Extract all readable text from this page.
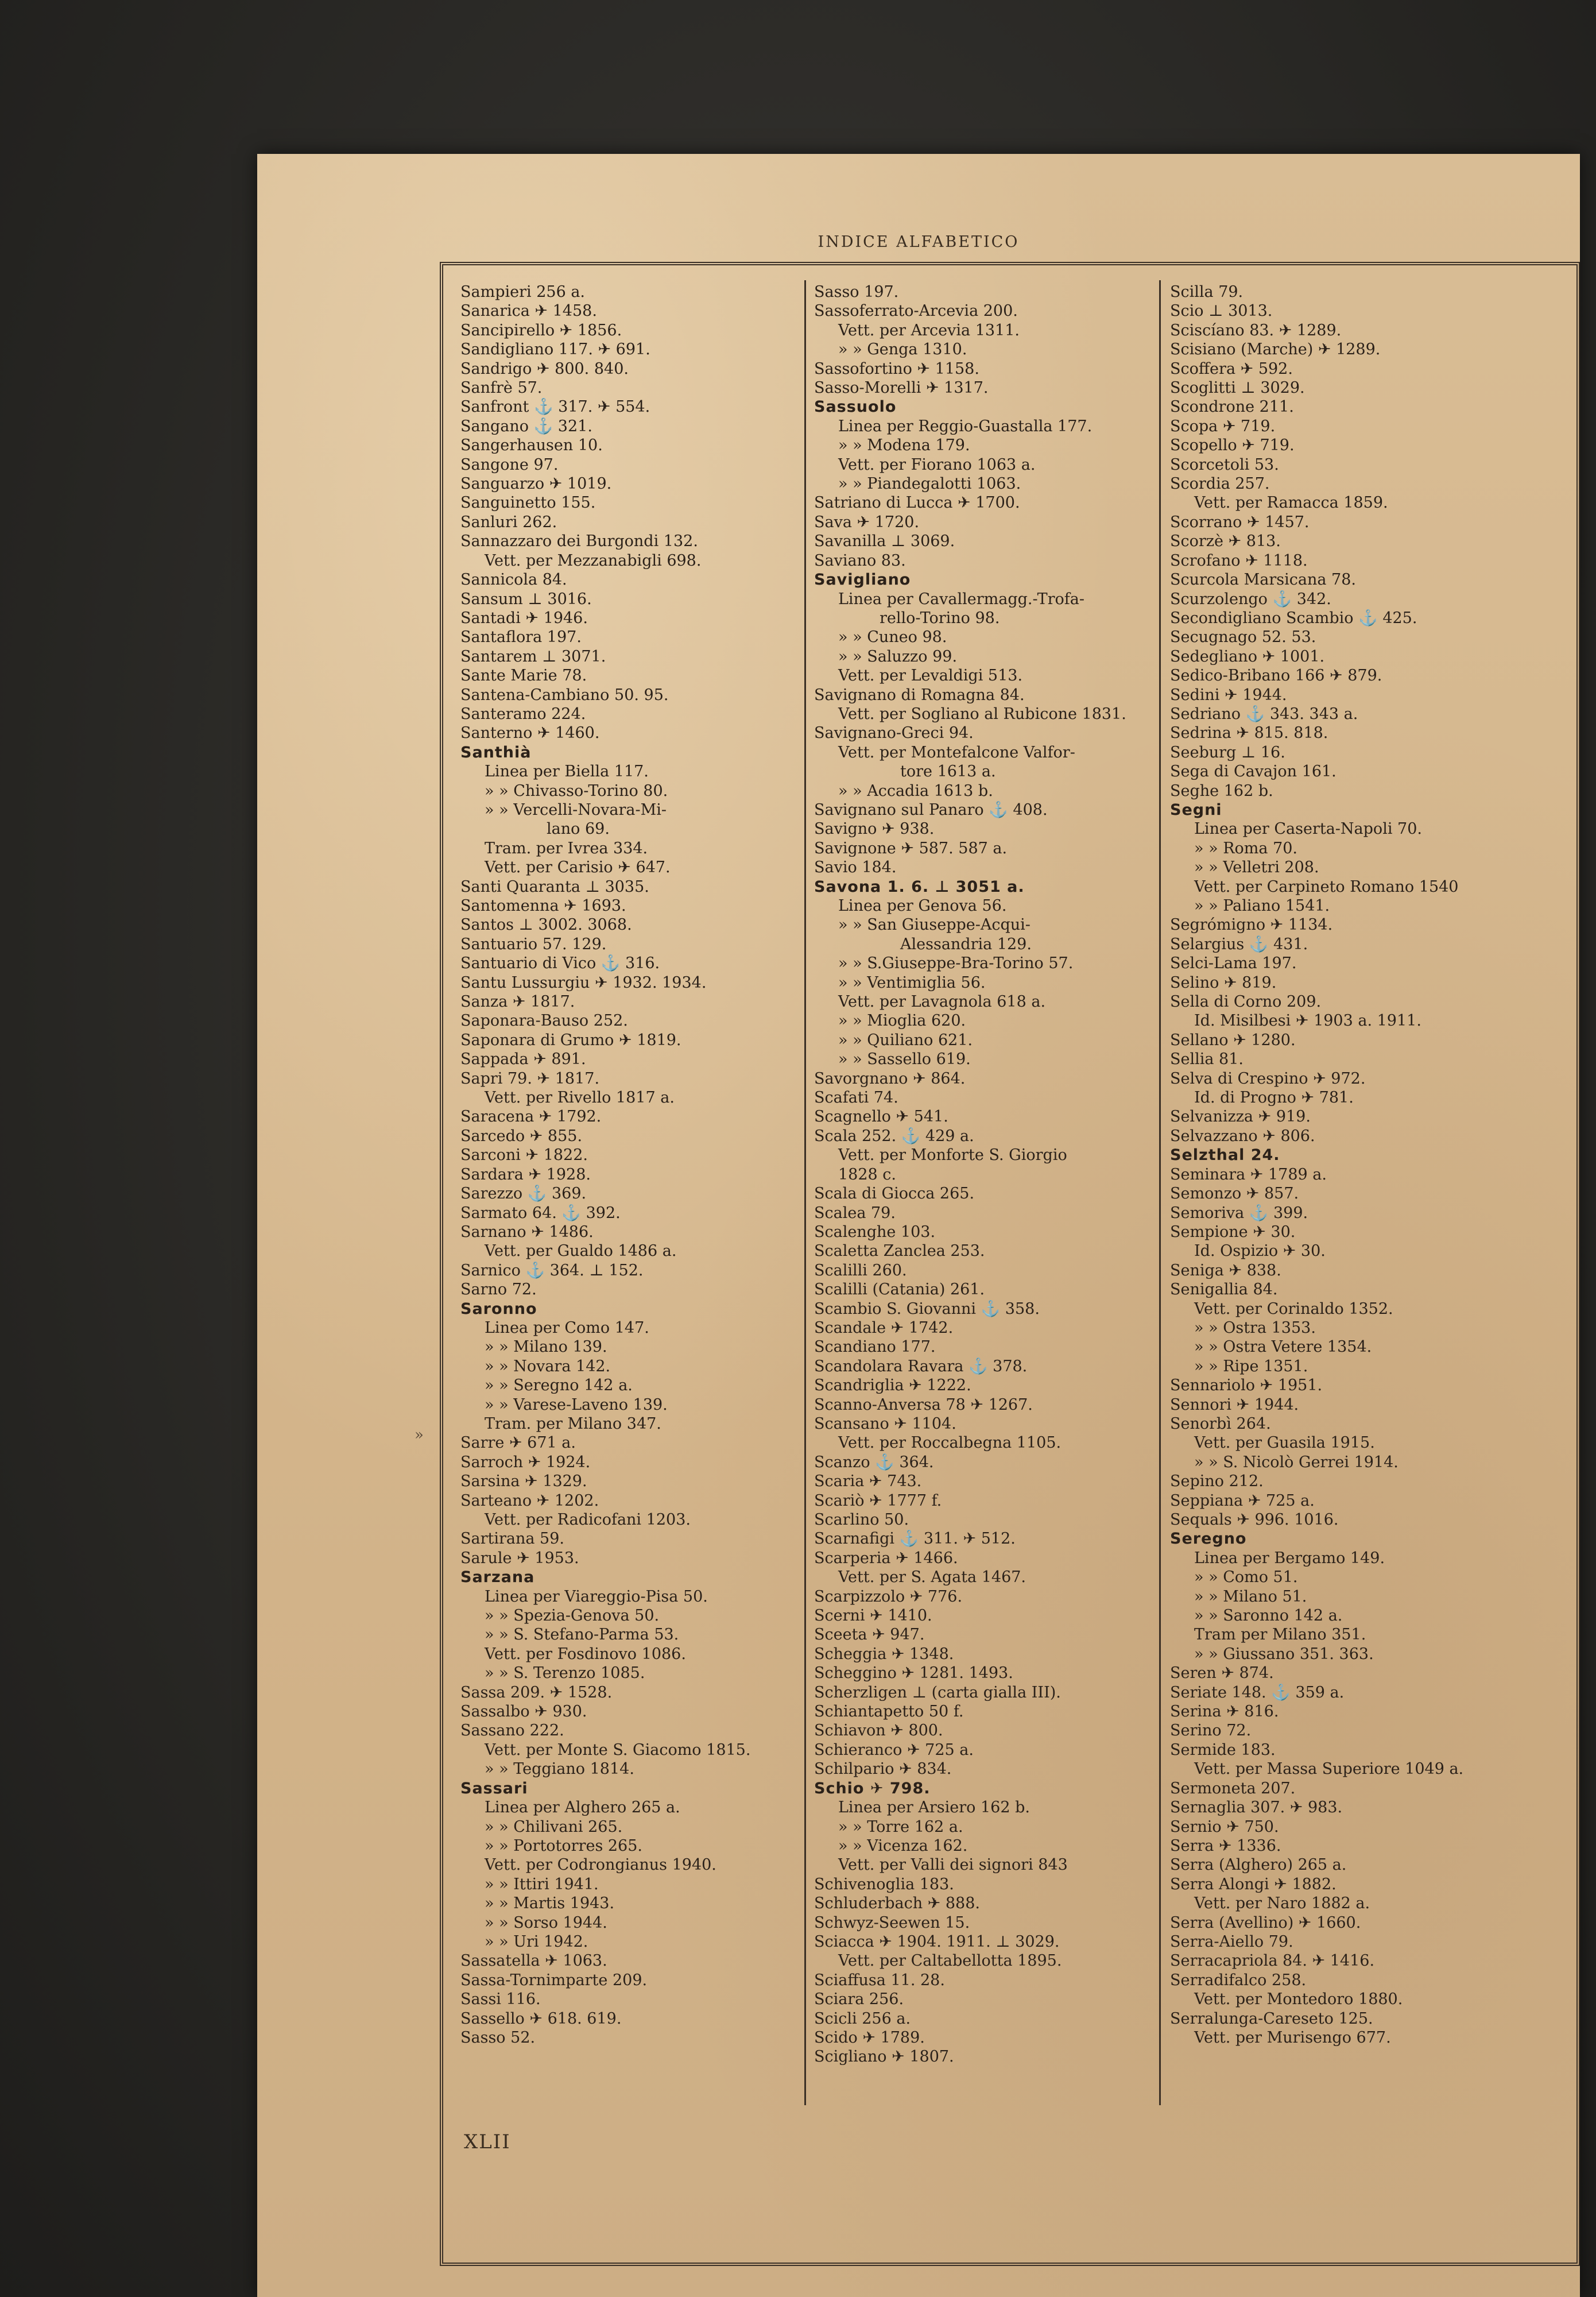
INDICE ALFABETICO
Sampieri 256 a.
Sanarica ✈ 1458.
Sancipirello ✈ 1856.
Sandigliano 117. ✈ 691.
Sandrigo ✈ 800. 840.
Sanfrè 57.
Sanfront ⚓ 317. ✈ 554.
Sangano ⚓ 321.
Sangerhausen 10.
Sangone 97.
Sanguarzo ✈ 1019.
Sanguinetto 155.
Sanluri 262.
Sannazzaro dei Burgondi 132.
Vett. per Mezzanabigli 698.
Sannicola 84.
Sansum ⊥ 3016.
Santadi ✈ 1946.
Santaflora 197.
Santarem ⊥ 3071.
Sante Marie 78.
Santena-Cambiano 50. 95.
Santeramo 224.
Santerno ✈ 1460.
Santhià
Linea per Biella 117.
» » Chivasso-Torino 80.
» » Vercelli-Novara-Mi-
lano 69.
Tram. per Ivrea 334.
Vett. per Carisio ✈ 647.
Santi Quaranta ⊥ 3035.
Santomenna ✈ 1693.
Santos ⊥ 3002. 3068.
Santuario 57. 129.
Santuario di Vico ⚓ 316.
Santu Lussurgiu ✈ 1932. 1934.
Sanza ✈ 1817.
Saponara-Bauso 252.
Saponara di Grumo ✈ 1819.
Sappada ✈ 891.
Sapri 79. ✈ 1817.
Vett. per Rivello 1817 a.
Saracena ✈ 1792.
Sarcedo ✈ 855.
Sarconi ✈ 1822.
Sardara ✈ 1928.
Sarezzo ⚓ 369.
Sarmato 64. ⚓ 392.
Sarnano ✈ 1486.
Vett. per Gualdo 1486 a.
Sarnico ⚓ 364. ⊥ 152.
Sarno 72.
Saronno
Linea per Como 147.
» » Milano 139.
» » Novara 142.
» » Seregno 142 a.
» » Varese-Laveno 139.
Tram. per Milano 347.
Sarre ✈ 671 a.
Sarroch ✈ 1924.
Sarsina ✈ 1329.
Sarteano ✈ 1202.
Vett. per Radicofani 1203.
Sartirana 59.
Sarule ✈ 1953.
Sarzana
Linea per Viareggio-Pisa 50.
» » Spezia-Genova 50.
» » S. Stefano-Parma 53.
Vett. per Fosdinovo 1086.
» » S. Terenzo 1085.
Sassa 209. ✈ 1528.
Sassalbo ✈ 930.
Sassano 222.
Vett. per Monte S. Giacomo 1815.
» » Teggiano 1814.
Sassari
Linea per Alghero 265 a.
» » Chilivani 265.
» » Portotorres 265.
Vett. per Codrongianus 1940.
» » Ittiri 1941.
» » Martis 1943.
» » Sorso 1944.
» » Uri 1942.
Sassatella ✈ 1063.
Sassa-Tornimparte 209.
Sassi 116.
Sassello ✈ 618. 619.
Sasso 52.
Sasso 197.
Sassoferrato-Arcevia 200.
Vett. per Arcevia 1311.
» » Genga 1310.
Sassofortino ✈ 1158.
Sasso-Morelli ✈ 1317.
Sassuolo
Linea per Reggio-Guastalla 177.
» » Modena 179.
Vett. per Fiorano 1063 a.
» » Piandegalotti 1063.
Satriano di Lucca ✈ 1700.
Sava ✈ 1720.
Savanilla ⊥ 3069.
Saviano 83.
Savigliano
Linea per Cavallermagg.-Trofa-
rello-Torino 98.
» » Cuneo 98.
» » Saluzzo 99.
Vett. per Levaldigi 513.
Savignano di Romagna 84.
Vett. per Sogliano al Rubicone 1831.
Savignano-Greci 94.
Vett. per Montefalcone Valfor-
tore 1613 a.
» » Accadia 1613 b.
Savignano sul Panaro ⚓ 408.
Savigno ✈ 938.
Savignone ✈ 587. 587 a.
Savio 184.
Savona 1. 6. ⊥ 3051 a.
Linea per Genova 56.
» » San Giuseppe-Acqui-
Alessandria 129.
» » S.Giuseppe-Bra-Torino 57.
» » Ventimiglia 56.
Vett. per Lavagnola 618 a.
» » Mioglia 620.
» » Quiliano 621.
» » Sassello 619.
Savorgnano ✈ 864.
Scafati 74.
Scagnello ✈ 541.
Scala 252. ⚓ 429 a.
Vett. per Monforte S. Giorgio
1828 c.
Scala di Giocca 265.
Scalea 79.
Scalenghe 103.
Scaletta Zanclea 253.
Scalilli 260.
Scalilli (Catania) 261.
Scambio S. Giovanni ⚓ 358.
Scandale ✈ 1742.
Scandiano 177.
Scandolara Ravara ⚓ 378.
Scandriglia ✈ 1222.
Scanno-Anversa 78 ✈ 1267.
Scansano ✈ 1104.
Vett. per Roccalbegna 1105.
Scanzo ⚓ 364.
Scaria ✈ 743.
Scariò ✈ 1777 f.
Scarlino 50.
Scarnafigi ⚓ 311. ✈ 512.
Scarperia ✈ 1466.
Vett. per S. Agata 1467.
Scarpizzolo ✈ 776.
Scerni ✈ 1410.
Sceeta ✈ 947.
Scheggia ✈ 1348.
Scheggino ✈ 1281. 1493.
Scherzligen ⊥ (carta gialla III).
Schiantapetto 50 f.
Schiavon ✈ 800.
Schieranco ✈ 725 a.
Schilpario ✈ 834.
Schio ✈ 798.
Linea per Arsiero 162 b.
» » Torre 162 a.
» » Vicenza 162.
Vett. per Valli dei signori 843
Schivenoglia 183.
Schluderbach ✈ 888.
Schwyz-Seewen 15.
Sciacca ✈ 1904. 1911. ⊥ 3029.
Vett. per Caltabellotta 1895.
Sciaffusa 11. 28.
Sciara 256.
Scicli 256 a.
Scido ✈ 1789.
Scigliano ✈ 1807.
Scilla 79.
Scio ⊥ 3013.
Sciscíano 83. ✈ 1289.
Scisiano (Marche) ✈ 1289.
Scoffera ✈ 592.
Scoglitti ⊥ 3029.
Scondrone 211.
Scopa ✈ 719.
Scopello ✈ 719.
Scorcetoli 53.
Scordia 257.
Vett. per Ramacca 1859.
Scorrano ✈ 1457.
Scorzè ✈ 813.
Scrofano ✈ 1118.
Scurcola Marsicana 78.
Scurzolengo ⚓ 342.
Secondigliano Scambio ⚓ 425.
Secugnago 52. 53.
Sedegliano ✈ 1001.
Sedico-Bribano 166 ✈ 879.
Sedini ✈ 1944.
Sedriano ⚓ 343. 343 a.
Sedrina ✈ 815. 818.
Seeburg ⊥ 16.
Sega di Cavajon 161.
Seghe 162 b.
Segni
Linea per Caserta-Napoli 70.
» » Roma 70.
» » Velletri 208.
Vett. per Carpineto Romano 1540
» » Paliano 1541.
Segrómigno ✈ 1134.
Selargius ⚓ 431.
Selci-Lama 197.
Selino ✈ 819.
Sella di Corno 209.
Id. Misilbesi ✈ 1903 a. 1911.
Sellano ✈ 1280.
Sellia 81.
Selva di Crespino ✈ 972.
Id. di Progno ✈ 781.
Selvanizza ✈ 919.
Selvazzano ✈ 806.
Selzthal 24.
Seminara ✈ 1789 a.
Semonzo ✈ 857.
Semoriva ⚓ 399.
Sempione ✈ 30.
Id. Ospizio ✈ 30.
Seniga ✈ 838.
Senigallia 84.
Vett. per Corinaldo 1352.
» » Ostra 1353.
» » Ostra Vetere 1354.
» » Ripe 1351.
Sennariolo ✈ 1951.
Sennori ✈ 1944.
Senorbì 264.
Vett. per Guasila 1915.
» » S. Nicolò Gerrei 1914.
Sepino 212.
Seppiana ✈ 725 a.
Sequals ✈ 996. 1016.
Seregno
Linea per Bergamo 149.
» » Como 51.
» » Milano 51.
» » Saronno 142 a.
Tram per Milano 351.
» » Giussano 351. 363.
Seren ✈ 874.
Seriate 148. ⚓ 359 a.
Serina ✈ 816.
Serino 72.
Sermide 183.
Vett. per Massa Superiore 1049 a.
Sermoneta 207.
Sernaglia 307. ✈ 983.
Sernio ✈ 750.
Serra ✈ 1336.
Serra (Alghero) 265 a.
Serra Alongi ✈ 1882.
Vett. per Naro 1882 a.
Serra (Avellino) ✈ 1660.
Serra-Aiello 79.
Serracapriola 84. ✈ 1416.
Serradifalco 258.
Vett. per Montedoro 1880.
Serralunga-Careseto 125.
Vett. per Murisengo 677.
»
XLII
